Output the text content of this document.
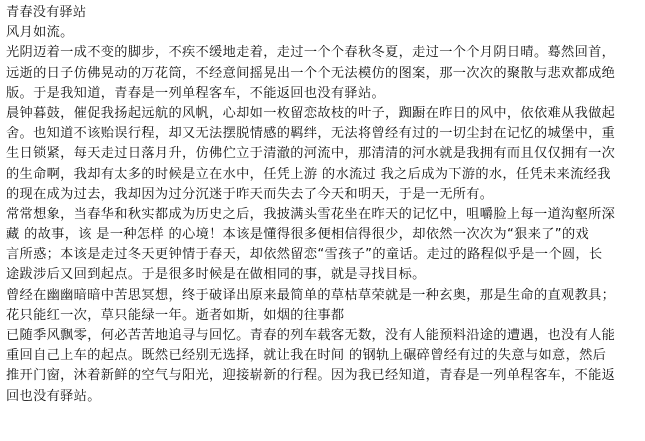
青春没有驿站
风月如流。
光阴迈着一成不变的脚步，不疾不缓地走着，走过一个个春秋冬夏，走过一个个月阴日晴。蓦然回首，
远逝的日子仿佛晃动的万花筒，不经意间摇晃出一个个无法模仿的图案，那一次次的聚散与悲欢都成绝
版。于是我知道，青春是一列单程客车，不能返回也没有驿站。
晨钟暮鼓，催促我扬起远航的风帆，心却如一枚留恋故枝的叶子，踟蹰在昨日的风中，依依难从我做起
舍。也知道不该贻误行程，却又无法摆脱情感的羁绊，无法将曾经有过的一切尘封在记忆的城堡中，重
生日锁紧，每天走过日落月升，仿佛伫立于清澈的河流中，那清清的河水就是我拥有而且仅仅拥有一次
的生命啊，我却有太多的时候是立在水中，任凭上游 的水流过 我之后成为下游的水，任凭未来流经我
的现在成为过去，我却因为过分沉迷于昨天而失去了今天和明天，于是一无所有。
常常想象，当春华和秋实都成为历史之后，我披满头雪花坐在昨天的记忆中，咀嚼脸上每一道沟壑所深
藏 的故事，该 是一种怎样 的心境！本该是懂得很多便相信得很少，却依然一次次为“狠来了”的戏
言所惑；本该是走过冬天更钟情于春天，却依然留恋“雪孩子”的童话。走过的路程似乎是一个圆，长
途跋涉后又回到起点。于是很多时候是在做相同的事，就是寻找目标。
曾经在幽幽暗暗中苦思冥想，终于破译出原来最简单的草枯草荣就是一种玄奥，那是生命的直观教具；
花只能红一次，草只能绿一年。逝者如斯，如烟的往事都
已随季风飘零，何必苦苦地追寻与回忆。青春的列车载客无数，没有人能预料沿途的遭遇，也没有人能
重回自己上车的起点。既然已经别无选择，就让我在时间 的钢轨上碾碎曾经有过的失意与如意，然后
推开门窗，沐着新鲜的空气与阳光，迎接崭新的行程。因为我已经知道，青春是一列单程客车，不能返
回也没有驿站。
